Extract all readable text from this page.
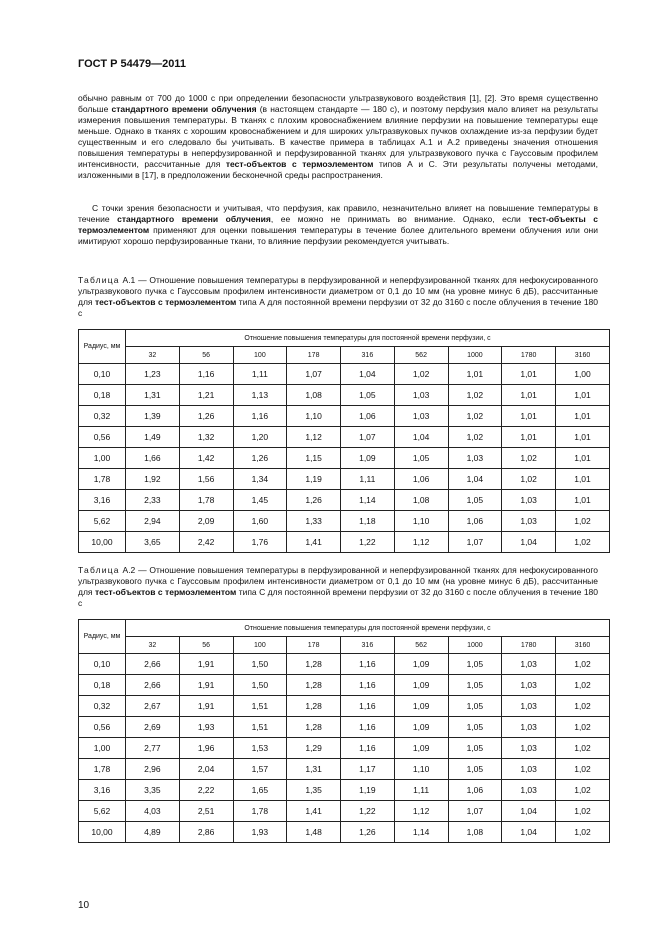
ГОСТ Р 54479—2011
обычно равным от 700 до 1000 с при определении безопасности ультразвукового воздействия [1], [2]. Это время существенно больше стандартного времени облучения (в настоящем стандарте — 180 с), и поэтому перфузия мало влияет на результаты измерения повышения температуры. В тканях с плохим кровоснабжением влияние перфузии на повышение температуры еще меньше. Однако в тканях с хорошим кровоснабжением и для широких ультразвуковых пучков охлаждение из-за перфузии будет существенным и его следовало бы учитывать. В качестве примера в таблицах А.1 и А.2 приведены значения отношения повышения температуры в неперфузированной и перфузированной тканях для ультразвукового пучка с Гауссовым профилем интенсивности, рассчитанные для тест-объектов с термоэлементом типов А и С. Эти результаты получены методами, изложенными в [17], в предположении бесконечной среды распространения.
С точки зрения безопасности и учитывая, что перфузия, как правило, незначительно влияет на повышение температуры в течение стандартного времени облучения, ее можно не принимать во внимание. Однако, если тест-объекты с термоэлементом применяют для оценки повышения температуры в течение более длительного времени облучения или они имитируют хорошо перфузированные ткани, то влияние перфузии рекомендуется учитывать.
Таблица А.1 — Отношение повышения температуры в перфузированной и неперфузированной тканях для нефокусированного ультразвукового пучка с Гауссовым профилем интенсивности диаметром от 0,1 до 10 мм (на уровне минус 6 дБ), рассчитанные для тест-объектов с термоэлементом типа А для постоянной времени перфузии от 32 до 3160 с после облучения в течение 180 с
Радиус, мм	Отношение повышения температуры для постоянной времени перфузии, с								
	32	56	100	178	316	562	1000	1780	3160
0,10	1,23	1,16	1,11	1,07	1,04	1,02	1,01	1,01	1,00
0,18	1,31	1,21	1,13	1,08	1,05	1,03	1,02	1,01	1,01
0,32	1,39	1,26	1,16	1,10	1,06	1,03	1,02	1,01	1,01
0,56	1,49	1,32	1,20	1,12	1,07	1,04	1,02	1,01	1,01
1,00	1,66	1,42	1,26	1,15	1,09	1,05	1,03	1,02	1,01
1,78	1,92	1,56	1,34	1,19	1,11	1,06	1,04	1,02	1,01
3,16	2,33	1,78	1,45	1,26	1,14	1,08	1,05	1,03	1,01
5,62	2,94	2,09	1,60	1,33	1,18	1,10	1,06	1,03	1,02
10,00	3,65	2,42	1,76	1,41	1,22	1,12	1,07	1,04	1,02
Таблица А.2 — Отношение повышения температуры в перфузированной и неперфузированной тканях для нефокусированного ультразвукового пучка с Гауссовым профилем интенсивности диаметром от 0,1 до 10 мм (на уровне минус 6 дБ), рассчитанные для тест-объектов с термоэлементом типа С для постоянной времени перфузии от 32 до 3160 с после облучения в течение 180 с
Радиус, мм	Отношение повышения температуры для постоянной времени перфузии, с								
	32	56	100	178	316	562	1000	1780	3160
0,10	2,66	1,91	1,50	1,28	1,16	1,09	1,05	1,03	1,02
0,18	2,66	1,91	1,50	1,28	1,16	1,09	1,05	1,03	1,02
0,32	2,67	1,91	1,51	1,28	1,16	1,09	1,05	1,03	1,02
0,56	2,69	1,93	1,51	1,28	1,16	1,09	1,05	1,03	1,02
1,00	2,77	1,96	1,53	1,29	1,16	1,09	1,05	1,03	1,02
1,78	2,96	2,04	1,57	1,31	1,17	1,10	1,05	1,03	1,02
3,16	3,35	2,22	1,65	1,35	1,19	1,11	1,06	1,03	1,02
5,62	4,03	2,51	1,78	1,41	1,22	1,12	1,07	1,04	1,02
10,00	4,89	2,86	1,93	1,48	1,26	1,14	1,08	1,04	1,02
10
